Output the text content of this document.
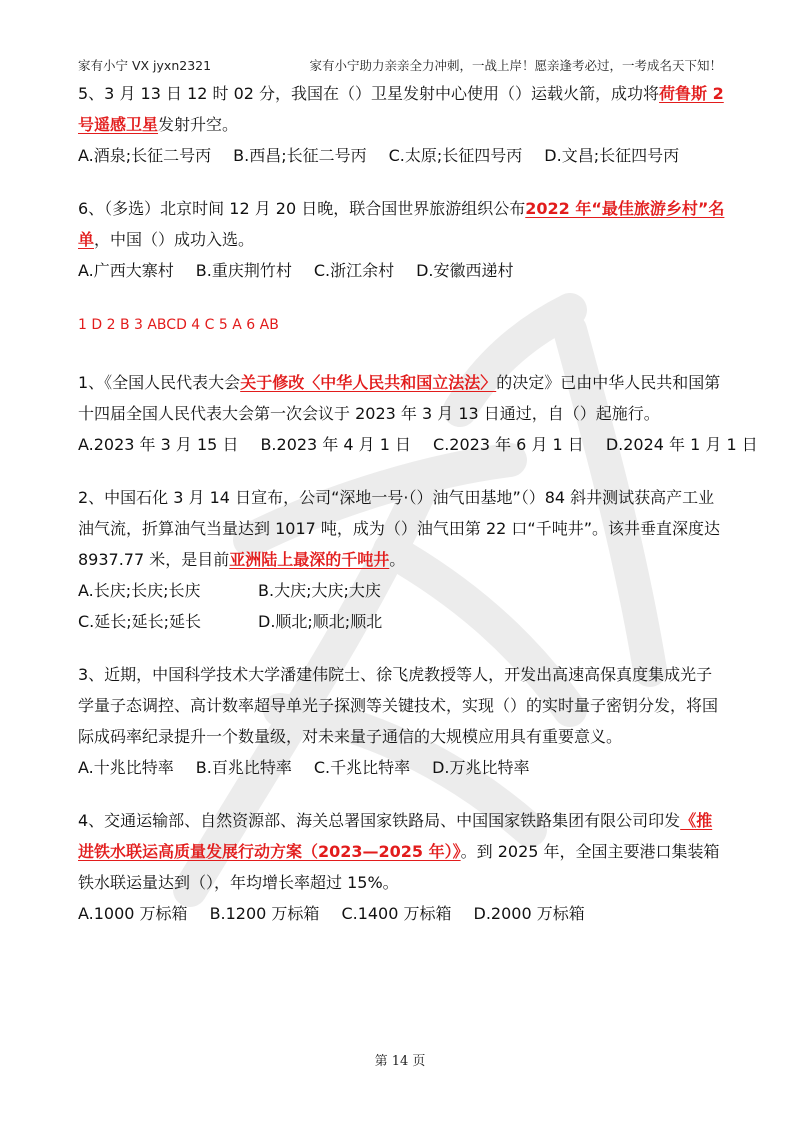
家有小宁 VX jyxn2321	家有小宁助力亲亲全力冲刺，一战上岸！愿亲逢考必过，一考成名天下知！
5、3 月 13 日 12 时 02 分，我国在（）卫星发射中心使用（）运载火箭，成功将荷鲁斯 2 号遥感卫星发射升空。
A.酒泉;长征二号丙 B.西昌;长征二号丙 C.太原;长征四号丙 D.文昌;长征四号丙
6、（多选）北京时间 12 月 20 日晚，联合国世界旅游组织公布2022 年“最佳旅游乡村”名单，中国（）成功入选。
A.广西大寨村 B.重庆荆竹村 C.浙江余村 D.安徽西递村
1 D 2 B 3 ABCD 4 C 5 A 6 AB
1、《全国人民代表大会关于修改〈中华人民共和国立法法〉的决定》已由中华人民共和国第十四届全国人民代表大会第一次会议于 2023 年 3 月 13 日通过，自（）起施行。
A.2023 年 3 月 15 日 B.2023 年 4 月 1 日 C.2023 年 6 月 1 日 D.2024 年 1 月 1 日
2、中国石化 3 月 14 日宣布，公司“深地一号·（）油气田基地”（）84 斜井测试获高产工业油气流，折算油气当量达到 1017 吨，成为（）油气田第 22 口“千吨井”。该井垂直深度达 8937.77 米，是目前亚洲陆上最深的千吨井。
A.长庆;长庆;长庆	B.大庆;大庆;大庆
C.延长;延长;延长	D.顺北;顺北;顺北
3、近期，中国科学技术大学潘建伟院士、徐飞虎教授等人，开发出高速高保真度集成光子学量子态调控、高计数率超导单光子探测等关键技术，实现（）的实时量子密钥分发，将国际成码率纪录提升一个数量级，对未来量子通信的大规模应用具有重要意义。
A.十兆比特率 B.百兆比特率 C.千兆比特率 D.万兆比特率
4、交通运输部、自然资源部、海关总署国家铁路局、中国国家铁路集团有限公司印发《推进铁水联运高质量发展行动方案（2023—2025 年）》。到 2025 年，全国主要港口集装箱铁水联运量达到（），年均增长率超过 15%。
A.1000 万标箱 B.1200 万标箱 C.1400 万标箱 D.2000 万标箱
第 14 页
